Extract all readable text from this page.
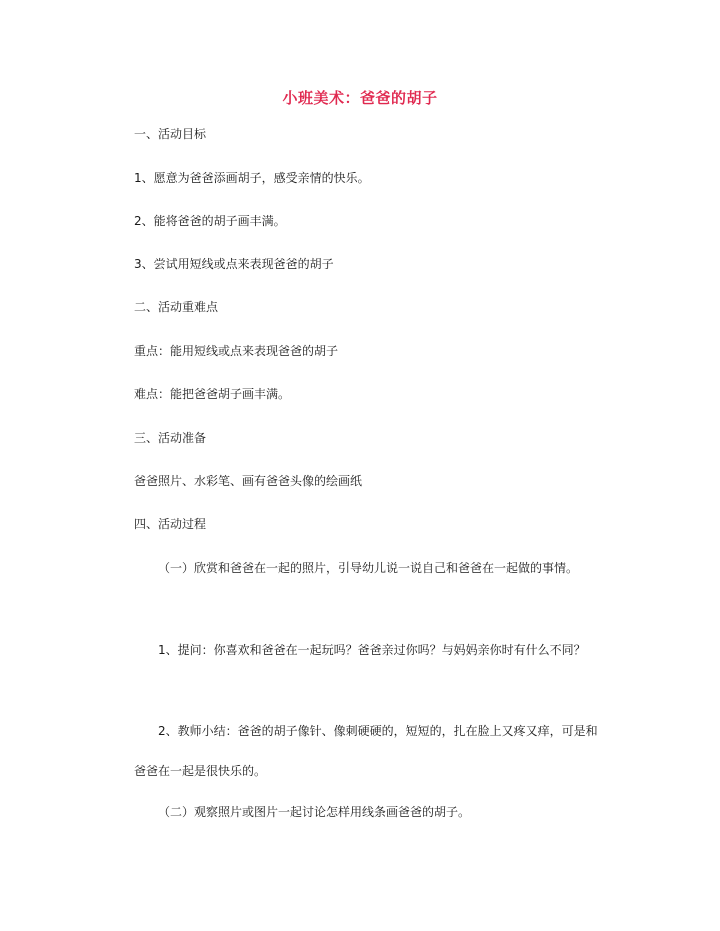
小班美术：爸爸的胡子
一、活动目标
1、愿意为爸爸添画胡子，感受亲情的快乐。
2、能将爸爸的胡子画丰满。
3、尝试用短线或点来表现爸爸的胡子
二、活动重难点
重点：能用短线或点来表现爸爸的胡子
难点：能把爸爸胡子画丰满。
三、活动准备
爸爸照片、水彩笔、画有爸爸头像的绘画纸
四、活动过程
（一）欣赏和爸爸在一起的照片，引导幼儿说一说自己和爸爸在一起做的事情。
1、提问：你喜欢和爸爸在一起玩吗？爸爸亲过你吗？与妈妈亲你时有什么不同？
2、教师小结：爸爸的胡子像针、像刺硬硬的，短短的，扎在脸上又疼又痒，可是和爸爸在一起是很快乐的。
（二）观察照片或图片一起讨论怎样用线条画爸爸的胡子。
